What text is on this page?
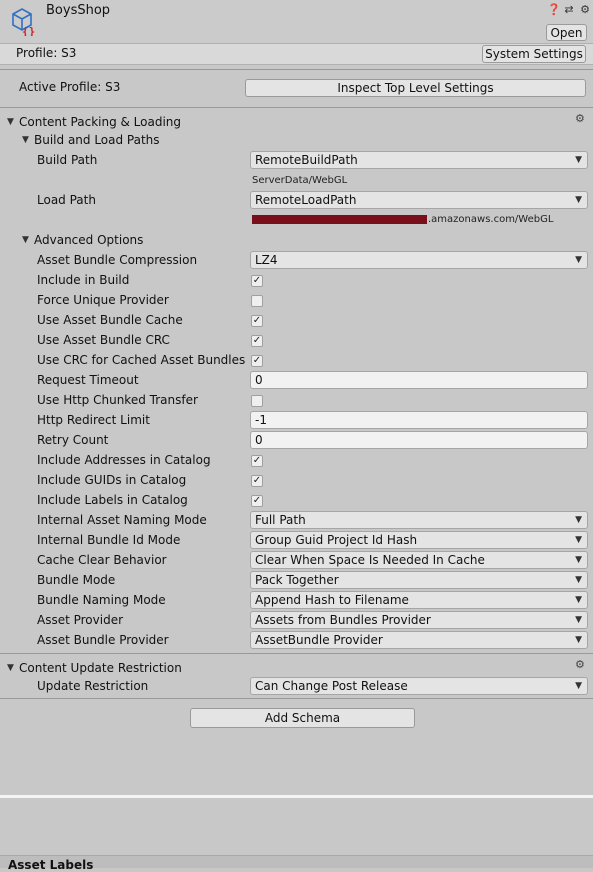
{}
BoysShop	❓ ⇄ ⚙
Open
Profile: S3	System Settings
Active Profile: S3	Inspect Top Level Settings
▼ Content Packing & Loading	⚙
▼ Build and Load Paths
Build Path	RemoteBuildPath	▼
ServerData/WebGL
Load Path	RemoteLoadPath	▼
.amazonaws.com/WebGL
▼ Advanced Options
Asset Bundle Compression	LZ4	▼
Include in Build	✓
Force Unique Provider
Use Asset Bundle Cache	✓
Use Asset Bundle CRC	✓
Use CRC for Cached Asset Bundles ✓
Request Timeout	0
Use Http Chunked Transfer
Http Redirect Limit	-1
Retry Count	0
Include Addresses in Catalog	✓
Include GUIDs in Catalog	✓
Include Labels in Catalog	✓
Internal Asset Naming Mode	Full Path	▼
Internal Bundle Id Mode	Group Guid Project Id Hash	▼
Cache Clear Behavior	Clear When Space Is Needed In Cache	▼
Bundle Mode	Pack Together	▼
Bundle Naming Mode	Append Hash to Filename	▼
Asset Provider	Assets from Bundles Provider	▼
Asset Bundle Provider	AssetBundle Provider	▼
▼ Content Update Restriction	⚙
Update Restriction	Can Change Post Release	▼
Add Schema
Asset Labels
